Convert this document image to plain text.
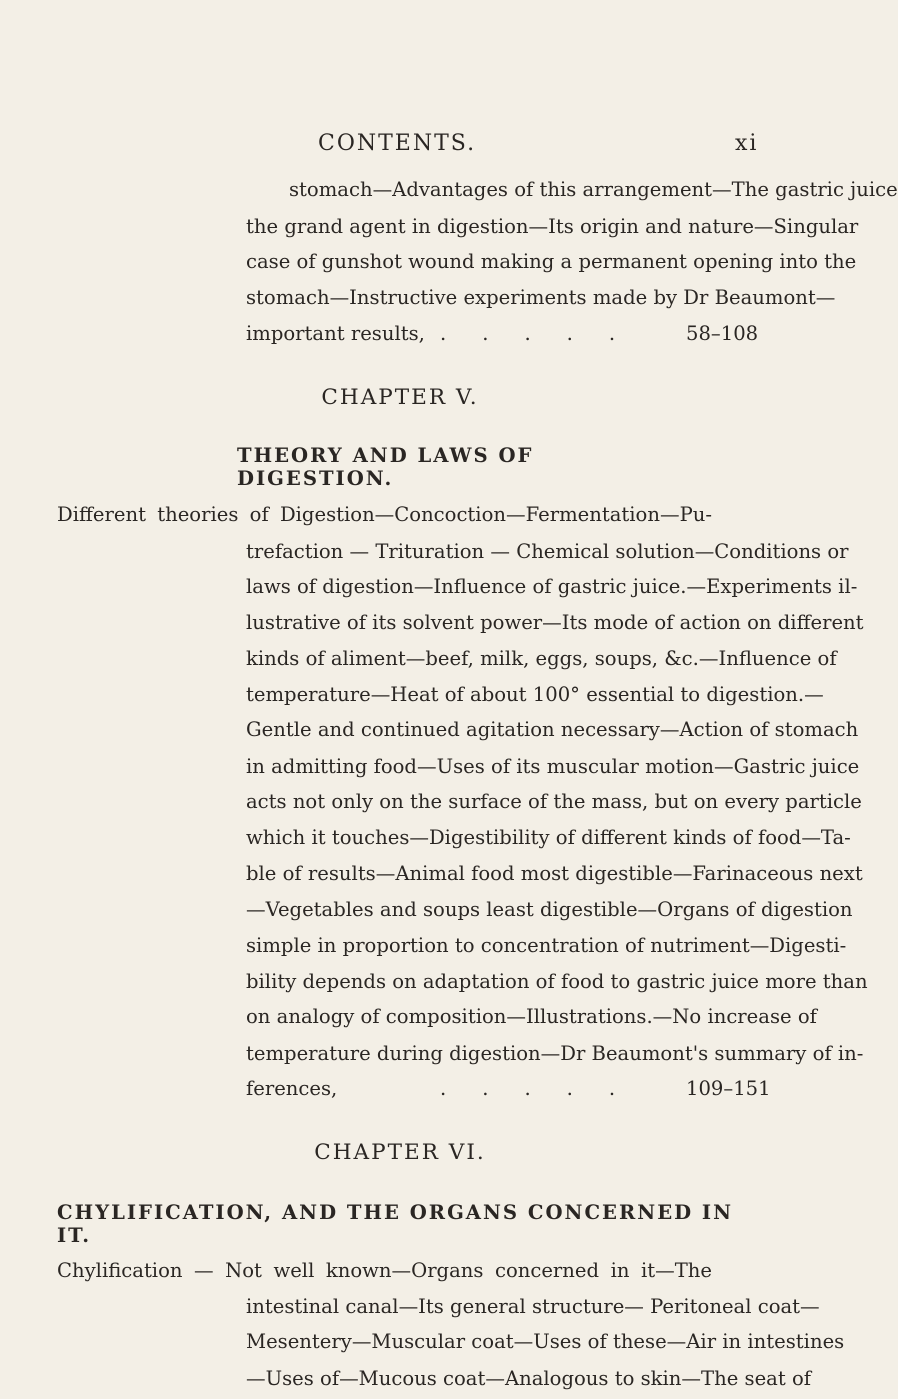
CONTENTS.	xi
stomach—Advantages of this arrangement—The gastric juice
the grand agent in digestion—Its origin and nature—Singular
case of gunshot wound making a permanent opening into the
stomach—Instructive experiments made by Dr Beaumont—
important results, ..... 58–108
CHAPTER V.
THEORY AND LAWS OF DIGESTION.
Different theories of Digestion—Concoction—Fermentation—Pu-
trefaction — Trituration — Chemical solution—Conditions or
laws of digestion—Influence of gastric juice.—Experiments il-
lustrative of its solvent power—Its mode of action on different
kinds of aliment—beef, milk, eggs, soups, &c.—Influence of
temperature—Heat of about 100° essential to digestion.—
Gentle and continued agitation necessary—Action of stomach
in admitting food—Uses of its muscular motion—Gastric juice
acts not only on the surface of the mass, but on every particle
which it touches—Digestibility of different kinds of food—Ta-
ble of results—Animal food most digestible—Farinaceous next
—Vegetables and soups least digestible—Organs of digestion
simple in proportion to concentration of nutriment—Digesti-
bility depends on adaptation of food to gastric juice more than
on analogy of composition—Illustrations.—No increase of
temperature during digestion—Dr Beaumont's summary of in-
ferences,	..... 109–151
CHAPTER VI.
CHYLIFICATION, AND THE ORGANS CONCERNED IN IT.
Chylification — Not well known—Organs concerned in it—The
intestinal canal—Its general structure— Peritoneal coat—
Mesentery—Muscular coat—Uses of these—Air in intestines
—Uses of—Mucous coat—Analogous to skin—The seat of
